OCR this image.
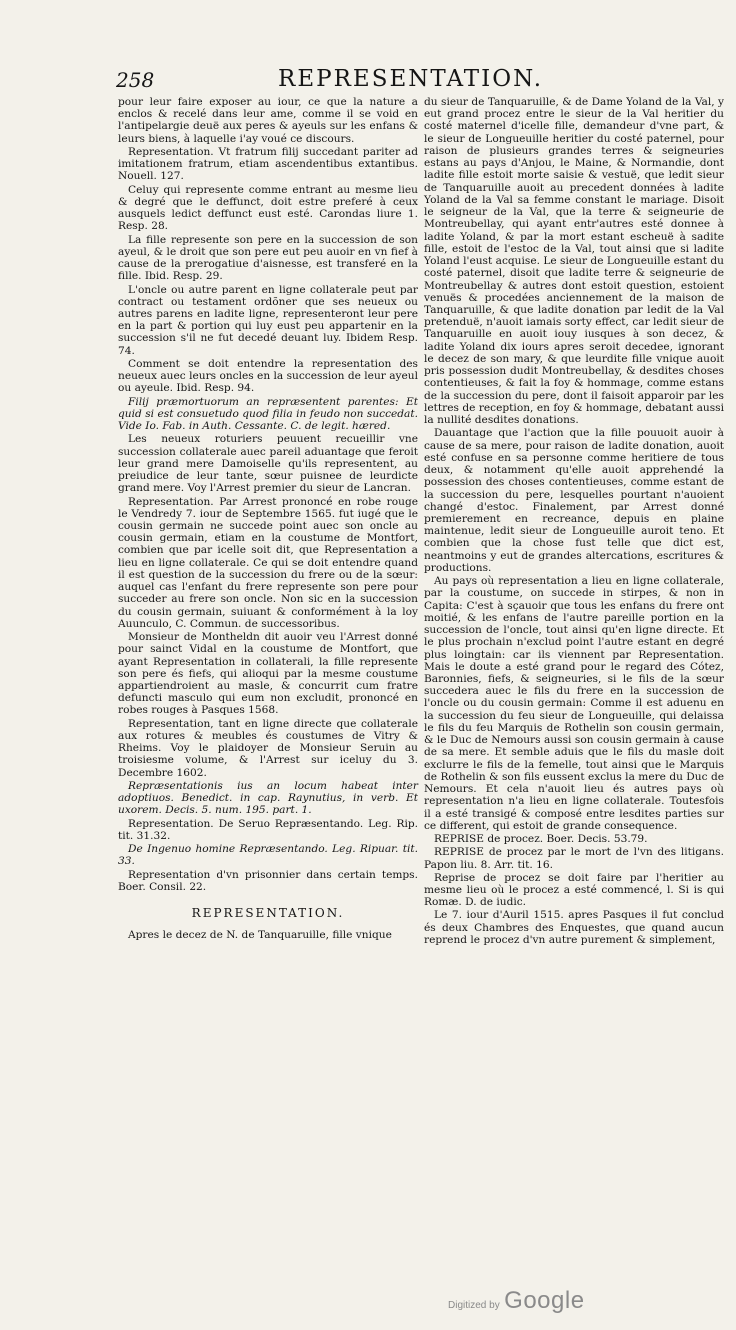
258	REPRESENTATION.

pour leur faire exposer au iour, ce que la nature a enclos & recelé dans leur ame, comme il se void en l'antipelargie deuë aux peres & ayeuls sur les enfans & leurs biens, à laquelle i'ay voué ce discours.

Representation. Vt fratrum filij succedant pariter ad imitationem fratrum, etiam ascendentibus extantibus. Nouell. 127.

Celuy qui represente comme entrant au mesme lieu & degré que le deffunct, doit estre preferé à ceux ausquels ledict deffunct eust esté. Carondas liure 1. Resp. 28.

La fille represente son pere en la succession de son ayeul, & le droit que son pere eut peu auoir en vn fief à cause de la prerogatiue d'aisnesse, est transferé en la fille. Ibid. Resp. 29.

L'oncle ou autre parent en ligne collaterale peut par contract ou testament ordõner que ses neueux ou autres parens en ladite ligne, representeront leur pere en la part & portion qui luy eust peu appartenir en la succession s'il ne fut decedé deuant luy. Ibidem Resp. 74.

Comment se doit entendre la representation des neueux auec leurs oncles en la succession de leur ayeul ou ayeule. Ibid. Resp. 94.

Filij præmortuorum an repræsentent parentes: Et quid si est consuetudo quod filia in feudo non succedat. Vide Io. Fab. in Auth. Cessante. C. de legit. hæred.

Les neueux roturiers peuuent recueillir vne succession collaterale auec pareil aduantage que feroit leur grand mere Damoiselle qu'ils representent, au preiudice de leur tante, sœur puisnee de leurdicte grand mere. Voy l'Arrest premier du sieur de Lancran.

Representation. Par Arrest prononcé en robe rouge le Vendredy 7. iour de Septembre 1565. fut iugé que le cousin germain ne succede point auec son oncle au cousin germain, etiam en la coustume de Montfort, combien que par icelle soit dit, que Representation a lieu en ligne collaterale. Ce qui se doit entendre quand il est question de la succession du frere ou de la sœur: auquel cas l'enfant du frere represente son pere pour succeder au frere son oncle. Non sic en la succession du cousin germain, suiuant & conformément à la loy Auunculo, C. Commun. de successoribus.

Monsieur de Montheldn dit auoir veu l'Arrest donné pour sainct Vidal en la coustume de Montfort, que ayant Representation in collaterali, la fille represente son pere és fiefs, qui alioqui par la mesme coustume appartiendroient au masle, & concurrit cum fratre defuncti masculo qui eum non excludit, prononcé en robes rouges à Pasques 1568.

Representation, tant en ligne directe que collaterale aux rotures & meubles és coustumes de Vitry & Rheims. Voy le plaidoyer de Monsieur Seruin au troisiesme volume, & l'Arrest sur iceluy du 3. Decembre 1602.

Repræsentationis ius an locum habeat inter adoptiuos. Benedict. in cap. Raynutius, in verb. Et uxorem. Decis. 5. num. 195. part. 1.

Representation. De Seruo Repræsentando. Leg. Rip. tit. 31.32.

De Ingenuo homine Repræsentando. Leg. Ripuar. tit. 33.

Representation d'vn prisonnier dans certain temps. Boer. Consil. 22.

REPRESENTATION.

Apres le decez de N. de Tanquaruille, fille vnique

du sieur de Tanquaruille, & de Dame Yoland de la Val, y eut grand procez entre le sieur de la Val heritier du costé maternel d'icelle fille, demandeur d'vne part, & le sieur de Longueuille heritier du costé paternel, pour raison de plusieurs grandes terres & seigneuries estans au pays d'Anjou, le Maine, & Normandie, dont ladite fille estoit morte saisie & vestuë, que ledit sieur de Tanquaruille auoit au precedent données à ladite Yoland de la Val sa femme constant le mariage. Disoit le seigneur de la Val, que la terre & seigneurie de Montreubellay, qui ayant entr'autres esté donnee à ladite Yoland, & par la mort estant escheuë à sadite fille, estoit de l'estoc de la Val, tout ainsi que si ladite Yoland l'eust acquise. Le sieur de Longueuille estant du costé paternel, disoit que ladite terre & seigneurie de Montreubellay & autres dont estoit question, estoient venuës & procedées anciennement de la maison de Tanquaruille, & que ladite donation par ledit de la Val pretenduë, n'auoit iamais sorty effect, car ledit sieur de Tanquaruille en auoit iouy iusques à son decez, & ladite Yoland dix iours apres seroit decedee, ignorant le decez de son mary, & que leurdite fille vnique auoit pris possession dudit Montreubellay, & desdites choses contentieuses, & fait la foy & hommage, comme estans de la succession du pere, dont il faisoit apparoir par les lettres de reception, en foy & hommage, debatant aussi la nullité desdites donations.

Dauantage que l'action que la fille pouuoit auoir à cause de sa mere, pour raison de ladite donation, auoit esté confuse en sa personne comme heritiere de tous deux, & notamment qu'elle auoit apprehendé la possession des choses contentieuses, comme estant de la succession du pere, lesquelles pourtant n'auoient changé d'estoc. Finalement, par Arrest donné premierement en recreance, depuis en plaine maintenue, ledit sieur de Longueuille auroit teno. Et combien que la chose fust telle que dict est, neantmoins y eut de grandes altercations, escritures & productions.

Au pays où representation a lieu en ligne collaterale, par la coustume, on succede in stirpes, & non in Capita: C'est à sçauoir que tous les enfans du frere ont moitié, & les enfans de l'autre pareille portion en la succession de l'oncle, tout ainsi qu'en ligne directe. Et le plus prochain n'exclud point l'autre estant en degré plus loingtain: car ils viennent par Representation. Mais le doute a esté grand pour le regard des Cótez, Baronnies, fiefs, & seigneuries, si le fils de la sœur succedera auec le fils du frere en la succession de l'oncle ou du cousin germain: Comme il est aduenu en la succession du feu sieur de Longueuille, qui delaissa le fils du feu Marquis de Rothelin son cousin germain, & le Duc de Nemours aussi son cousin germain à cause de sa mere. Et semble aduis que le fils du masle doit exclurre le fils de la femelle, tout ainsi que le Marquis de Rothelin & son fils eussent exclus la mere du Duc de Nemours. Et cela n'auoit lieu és autres pays où representation n'a lieu en ligne collaterale. Toutesfois il a esté transigé & composé entre lesdites parties sur ce different, qui estoit de grande consequence.

REPRISE de procez. Boer. Decis. 53.79.

REPRISE de procez par le mort de l'vn des litigans. Papon liu. 8. Arr. tit. 16.

Reprise de procez se doit faire par l'heritier au mesme lieu où le procez a esté commencé, l. Si is qui Romæ. D. de iudic.

Le 7. iour d'Auril 1515. apres Pasques il fut conclud és deux Chambres des Enquestes, que quand aucun reprend le procez d'vn autre purement & simplement,

Digitized by Google
